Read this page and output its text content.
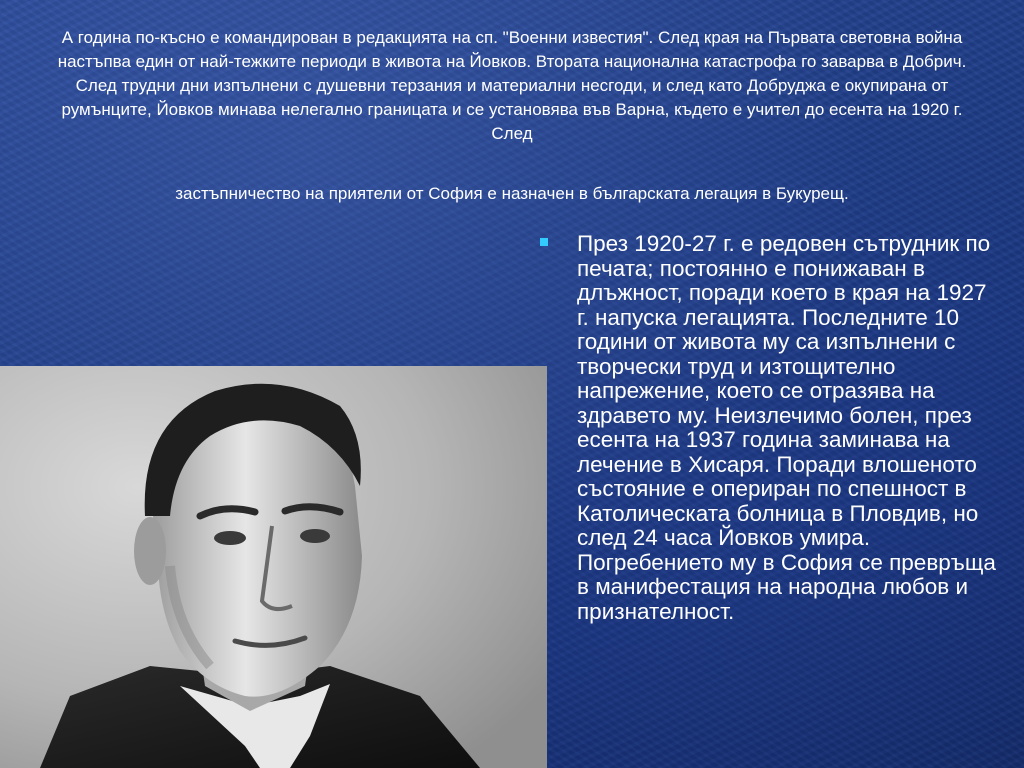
А година по-късно е командирован в редакцията на сп. "Военни известия". След края на Първата световна война настъпва един от най-тежките периоди в живота на Йовков. Втората национална катастрофа го заварва в Добрич. След трудни дни изпълнени с душевни терзания и материални несгоди, и след като Добруджа е окупирана от румънците, Йовков минава нелегално границата и се установява във Варна, където е учител до есента на 1920 г. След

застъпничество на приятели от София е назначен в българската легация в Букурещ.

През 1920-27 г. е редовен сътрудник по печата; постоянно е понижаван в длъжност, поради което в края на 1927 г. напуска легацията. Последните 10 години от живота му са изпълнени с творчески труд и изтощително напрежение, което се отразява на здравето му. Неизлечимо болен, през есента на 1937 година заминава на лечение в Хисаря. Поради влошеното състояние е опериран по спешност в Католическата болница в Пловдив, но след 24 часа Йовков умира. Погребението му в София се превръща в манифестация на народна любов и признателност.
